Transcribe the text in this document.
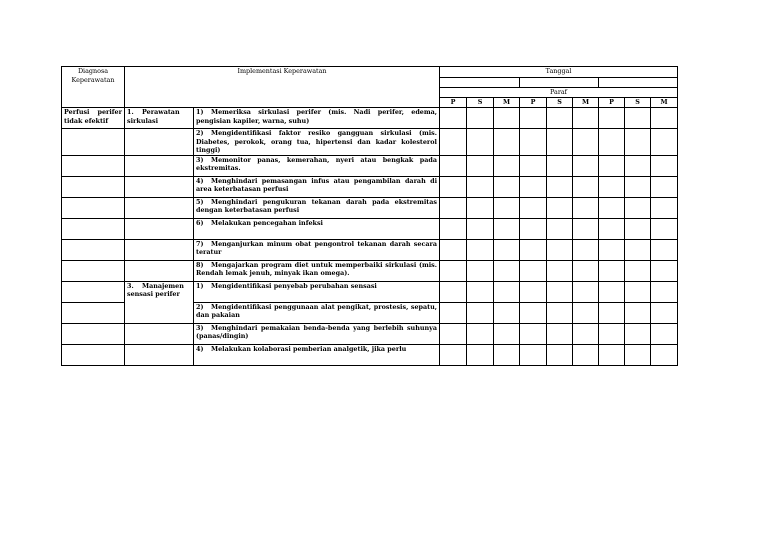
Diagnosa Keperawatan	Implementasi Keperawatan		Tanggal								

			Paraf								
			P	S	M	P	S	M	P	S	M
Perfusi perifer tidak efektif	1. Perawatan sirkulasi	1) Memeriksa sirkulasi perifer (mis. Nadi perifer, edema, pengisian kapiler, warna, suhu)									
		2) Mengidentifikasi faktor resiko gangguan sirkulasi (mis. Diabetes, perokok, orang tua, hipertensi dan kadar kolesterol tinggi)									
		3) Memonitor panas, kemerahan, nyeri atau bengkak pada ekstremitas.									
		4) Menghindari pemasangan infus atau pengambilan darah di area keterbatasan perfusi									
		5) Menghindari pengukuran tekanan darah pada ekstremitas dengan keterbatasan perfusi									
		6) Melakukan pencegahan infeksi									
		7) Menganjurkan minum obat pengontrol tekanan darah secara teratur									
		8) Mengajarkan program diet untuk memperbaiki sirkulasi (mis. Rendah lemak jenuh, minyak ikan omega).									
	3. Manajemen sensasi perifer	1) Mengidentifikasi penyebab perubahan sensasi									
		2) Mengidentifikasi penggunaan alat pengikat, prostesis, sepatu, dan pakaian									
		3) Menghindari pemakaian benda-benda yang berlebih suhunya (panas/dingin)									
		4) Melakukan kolaborasi pemberian analgetik, jika perlu									
